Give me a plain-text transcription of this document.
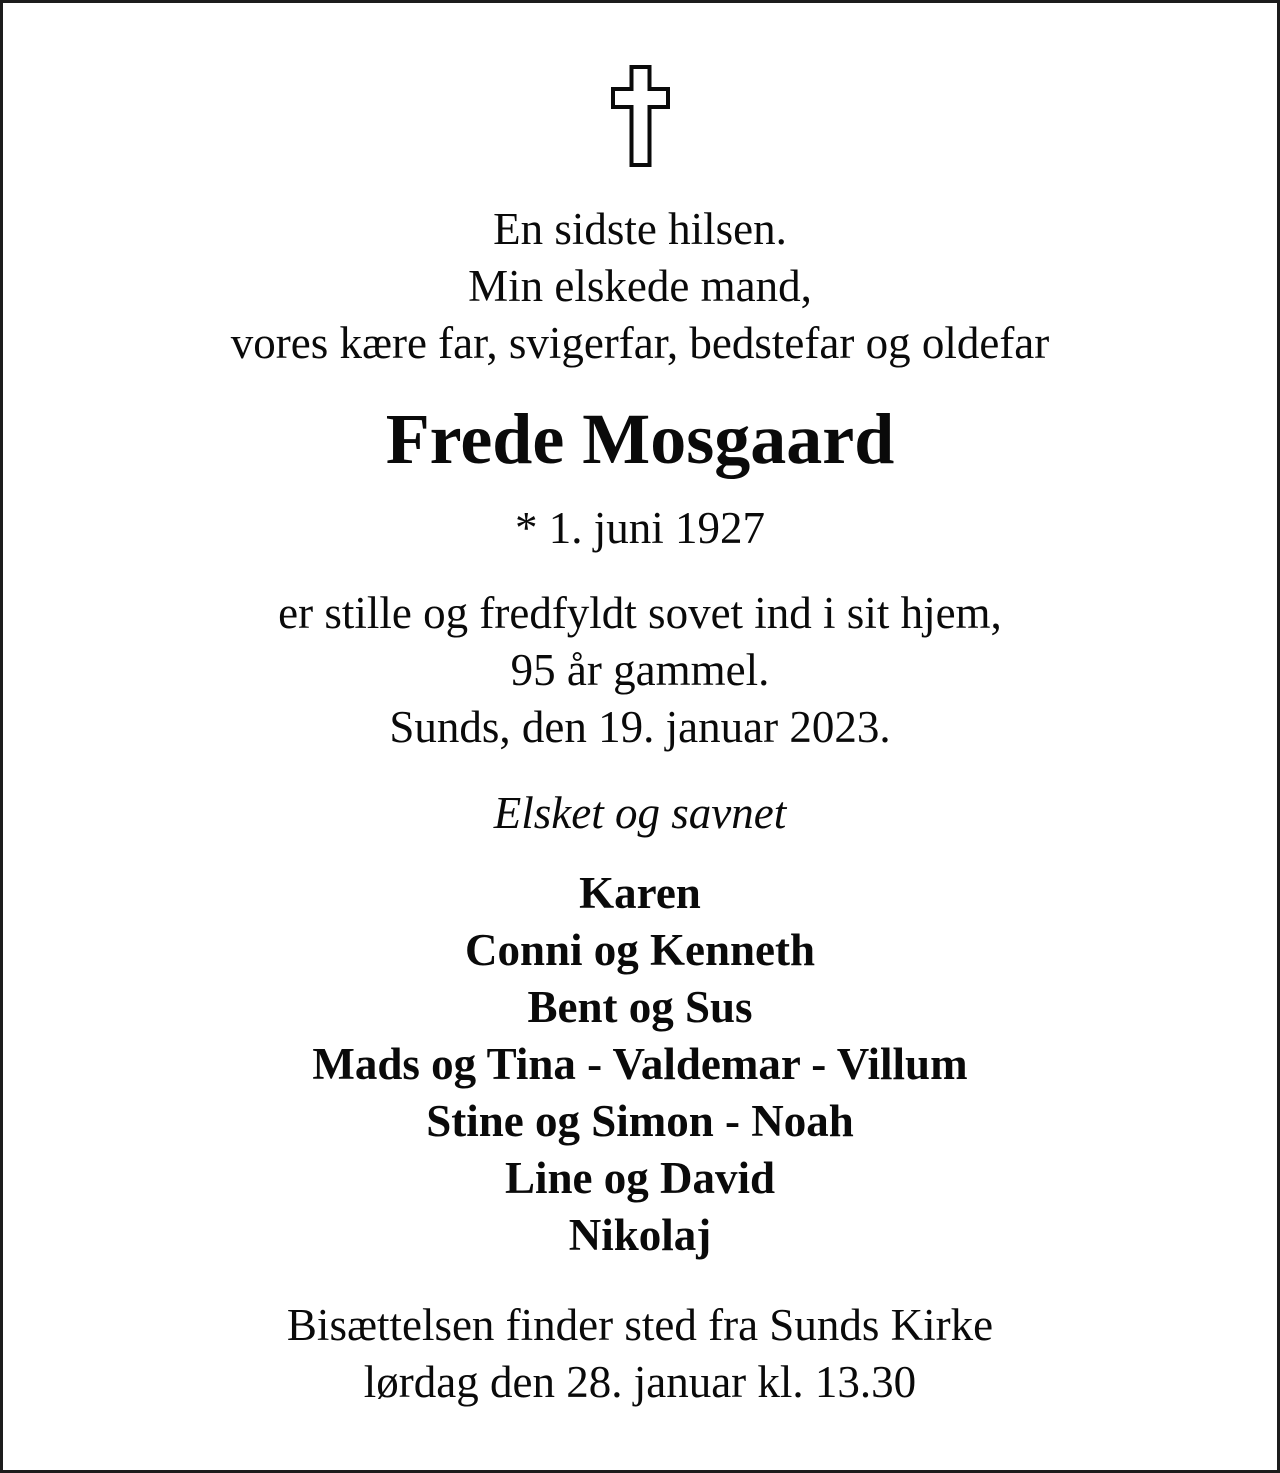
En sidste hilsen.
Min elskede mand,
vores kære far, svigerfar, bedstefar og oldefar
Frede Mosgaard
* 1. juni 1927
er stille og fredfyldt sovet ind i sit hjem,
95 år gammel.
Sunds, den 19. januar 2023.
Elsket og savnet
Karen
Conni og Kenneth
Bent og Sus
Mads og Tina - Valdemar - Villum
Stine og Simon - Noah
Line og David
Nikolaj
Bisættelsen finder sted fra Sunds Kirke
lørdag den 28. januar kl. 13.30
